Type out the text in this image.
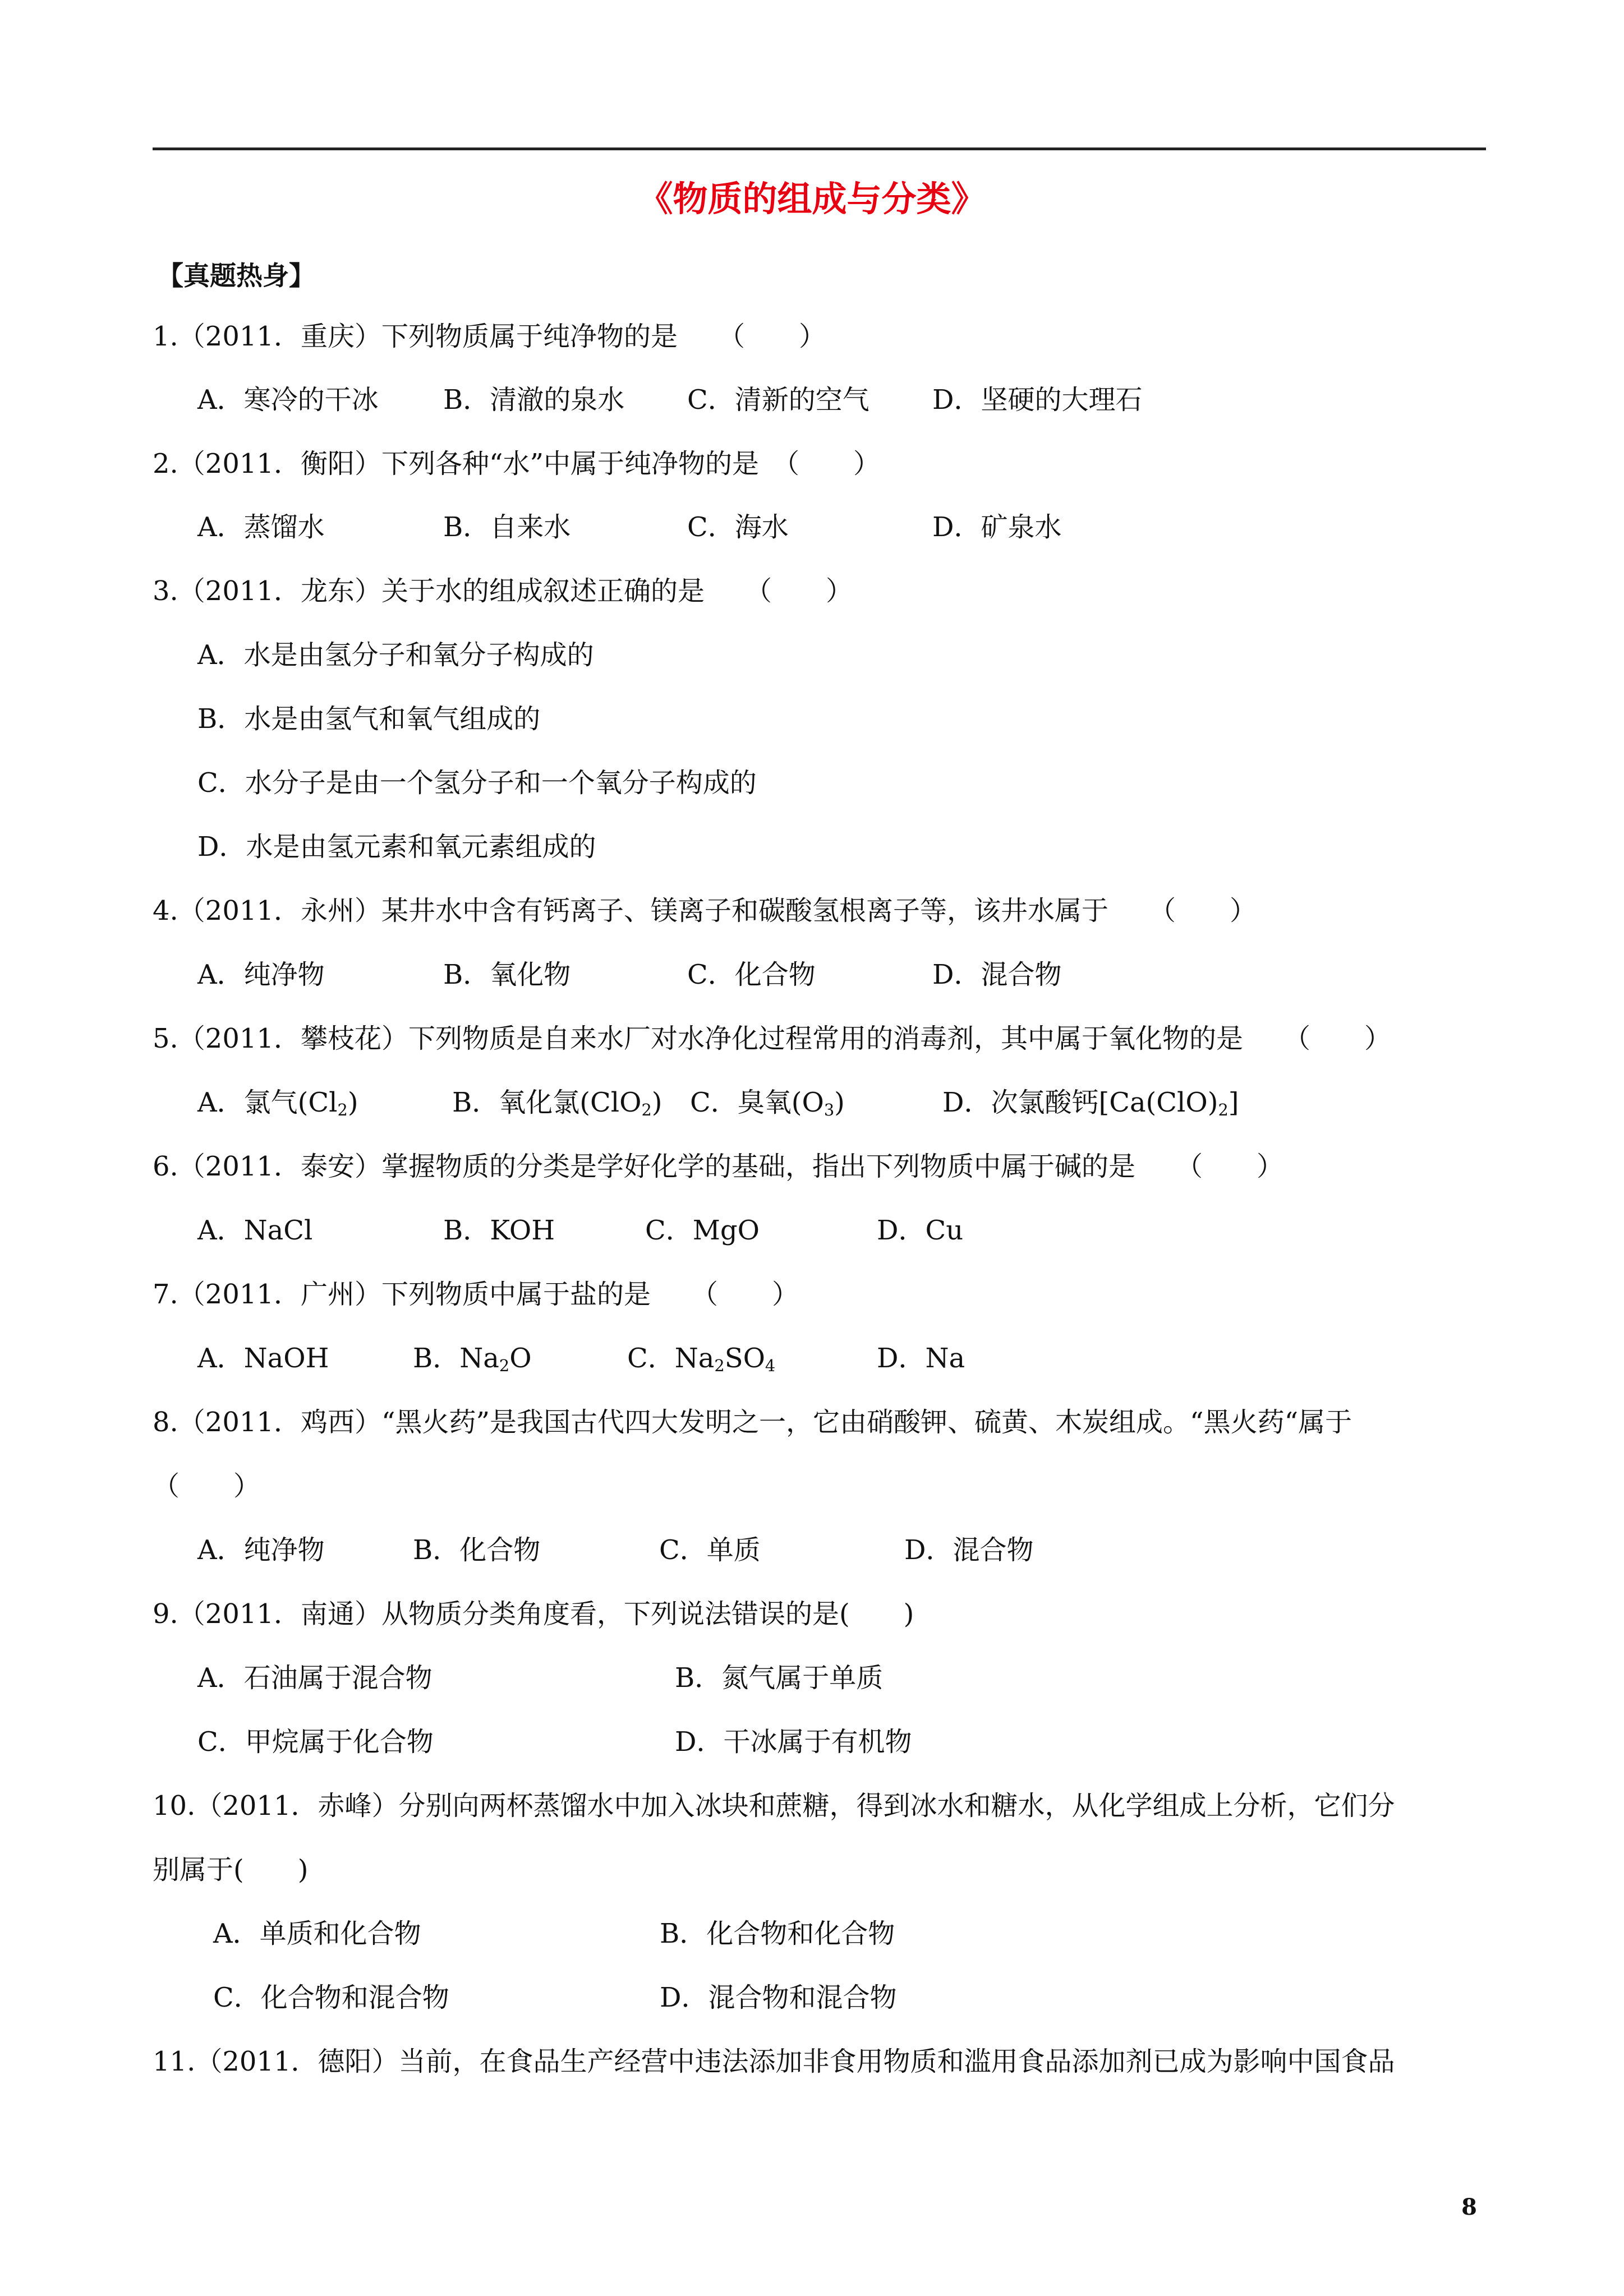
《物质的组成与分类》
【真题热身】
1.（2011．重庆）下列物质属于纯净物的是　　（　　）
A．寒冷的干冰 B．清澈的泉水 C．清新的空气 D．坚硬的大理石
2.（2011．衡阳）下列各种“水”中属于纯净物的是　（　　）
A．蒸馏水	B．自来水	C．海水	D．矿泉水
3.（2011．龙东）关于水的组成叙述正确的是　　（　　）
A．水是由氢分子和氧分子构成的
B．水是由氢气和氧气组成的
C．水分子是由一个氢分子和一个氧分子构成的
D．水是由氢元素和氧元素组成的
4.（2011．永州）某井水中含有钙离子、镁离子和碳酸氢根离子等，该井水属于　　（　　）
A．纯净物	B．氧化物	C．化合物	D．混合物
5.（2011．攀枝花）下列物质是自来水厂对水净化过程常用的消毒剂，其中属于氧化物的是　　（　　）
A．氯气$(Cl_2)$	B．氧化氯(ClO$_2$) C．臭氧$(O_3)$	D．次氯酸钙$[Ca(ClO)_2]$
6.（2011．泰安）掌握物质的分类是学好化学的基础，指出下列物质中属于碱的是　　（　　）
A．NaCl	B．KOH	C．MgO	D．Cu
7.（2011．广州）下列物质中属于盐的是　　（　　）
A．NaOH	B．$Na_2O$	C．$Na_2SO_4$	D．Na
8.（2011．鸡西）“黑火药”是我国古代四大发明之一，它由硝酸钾、硫黄、木炭组成。“黑火药“属于
（　　）
A．纯净物	B．化合物	C．单质	D．混合物
9.（2011．南通）从物质分类角度看，下列说法错误的是(　　)
A．石油属于混合物	B．氮气属于单质
C．甲烷属于化合物	D．干冰属于有机物
10.（2011．赤峰）分别向两杯蒸馏水中加入冰块和蔗糖，得到冰水和糖水，从化学组成上分析，它们分
别属于(　　)
A．单质和化合物	B．化合物和化合物
C．化合物和混合物	D．混合物和混合物
11.（2011．德阳）当前，在食品生产经营中违法添加非食用物质和滥用食品添加剂已成为影响中国食品
8
